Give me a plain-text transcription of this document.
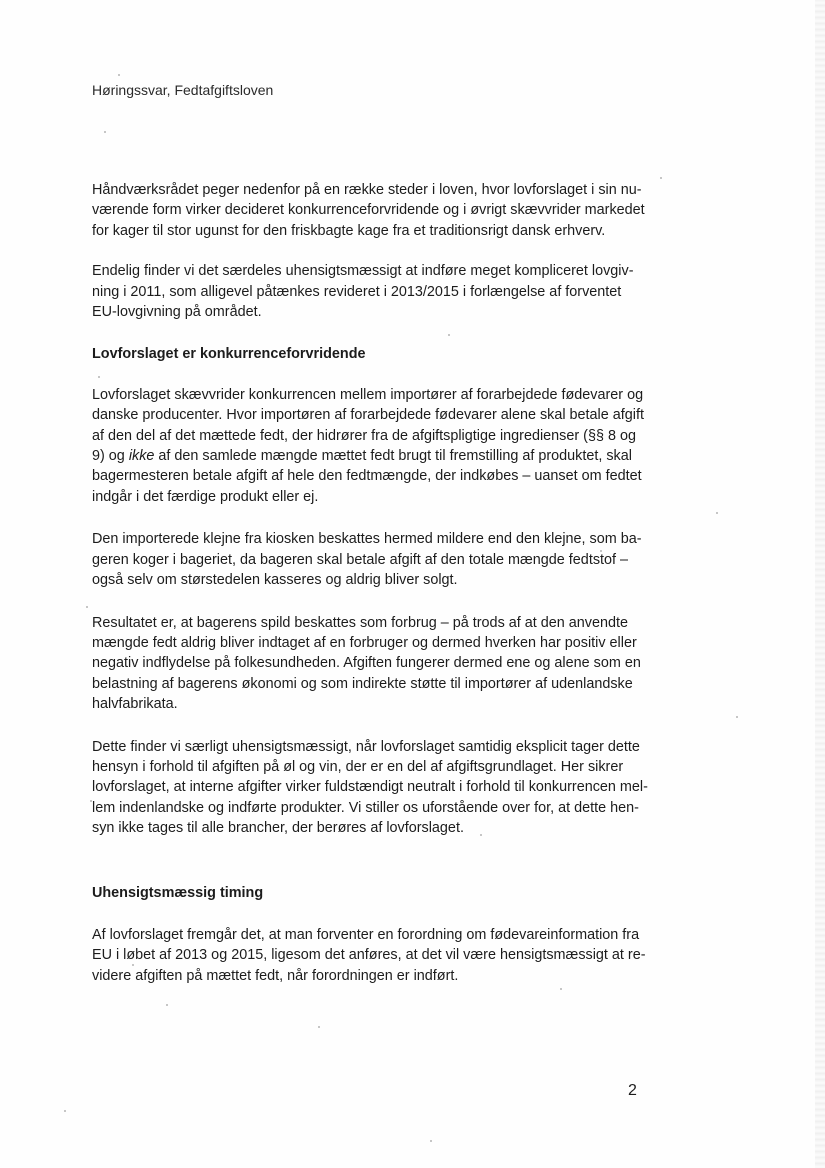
Høringssvar, Fedtafgiftsloven

Håndværksrådet peger nedenfor på en række steder i loven, hvor lovforslaget i sin nu-
værende form virker decideret konkurrenceforvridende og i øvrigt skævvrider markedet
for kager til stor ugunst for den friskbagte kage fra et traditionsrigt dansk erhverv.

Endelig finder vi det særdeles uhensigtsmæssigt at indføre meget kompliceret lovgiv-
ning i 2011, som alligevel påtænkes revideret i 2013/2015 i forlængelse af forventet
EU-lovgivning på området.

Lovforslaget er konkurrenceforvridende

Lovforslaget skævvrider konkurrencen mellem importører af forarbejdede fødevarer og
danske producenter. Hvor importøren af forarbejdede fødevarer alene skal betale afgift
af den del af det mættede fedt, der hidrører fra de afgiftspligtige ingredienser (§§ 8 og
9) og ikke af den samlede mængde mættet fedt brugt til fremstilling af produktet, skal
bagermesteren betale afgift af hele den fedtmængde, der indkøbes – uanset om fedtet
indgår i det færdige produkt eller ej.

Den importerede klejne fra kiosken beskattes hermed mildere end den klejne, som ba-
geren koger i bageriet, da bageren skal betale afgift af den totale mængde fedtstof –
også selv om størstedelen kasseres og aldrig bliver solgt.

Resultatet er, at bagerens spild beskattes som forbrug – på trods af at den anvendte
mængde fedt aldrig bliver indtaget af en forbruger og dermed hverken har positiv eller
negativ indflydelse på folkesundheden. Afgiften fungerer dermed ene og alene som en
belastning af bagerens økonomi og som indirekte støtte til importører af udenlandske
halvfabrikata.

Dette finder vi særligt uhensigtsmæssigt, når lovforslaget samtidig eksplicit tager dette
hensyn i forhold til afgiften på øl og vin, der er en del af afgiftsgrundlaget. Her sikrer
lovforslaget, at interne afgifter virker fuldstændigt neutralt i forhold til konkurrencen mel-
lem indenlandske og indførte produkter. Vi stiller os uforstående over for, at dette hen-
syn ikke tages til alle brancher, der berøres af lovforslaget.

Uhensigtsmæssig timing

Af lovforslaget fremgår det, at man forventer en forordning om fødevareinformation fra
EU i løbet af 2013 og 2015, ligesom det anføres, at det vil være hensigtsmæssigt at re-
videre afgiften på mættet fedt, når forordningen er indført.

2
